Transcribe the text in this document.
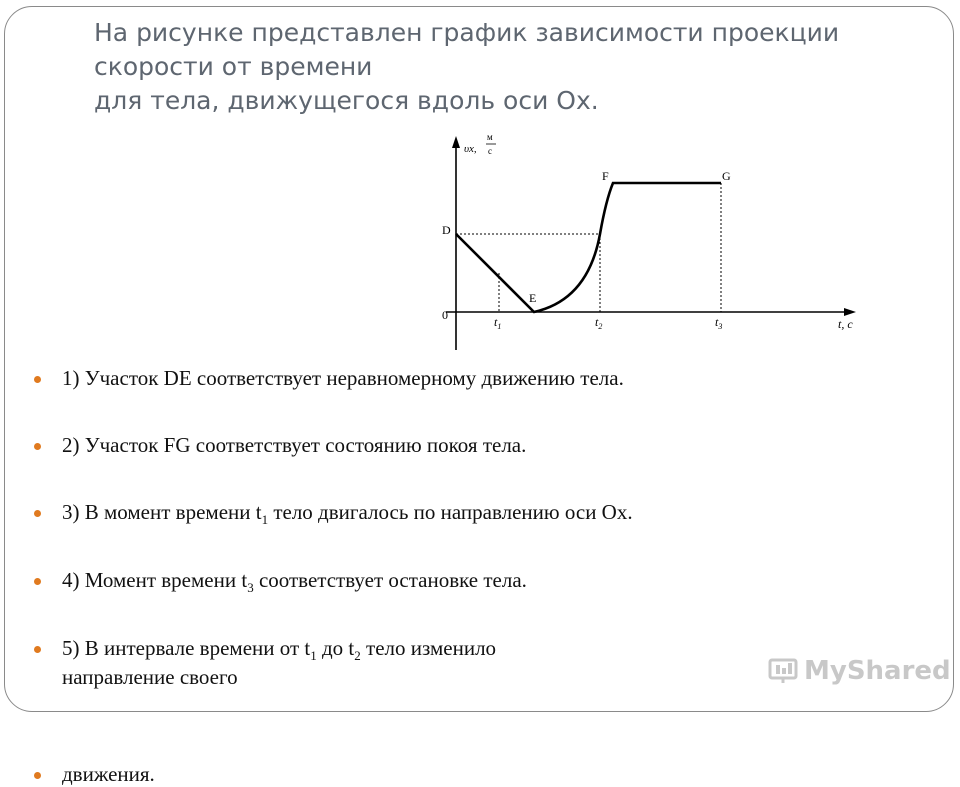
На рисунке представлен график зависимости проекции
скорости от времени
для тела, движущегося вдоль оси Ох.
υx,
м
с
D
E
F	G
0	$t_1$	$t_2$	$t_3$	t, с
1) Участок DE соответствует неравномерному движению тела.
2) Участок FG соответствует состоянию покоя тела.
3) В момент времени $t_1$ тело двигалось по направлению оси Ох.
4) Момент времени $t_3$ соответствует остановке тела.
5) В интервале времени от $t_1$ до $t_2$ тело изменило
направление своего
движения.
MyShared
